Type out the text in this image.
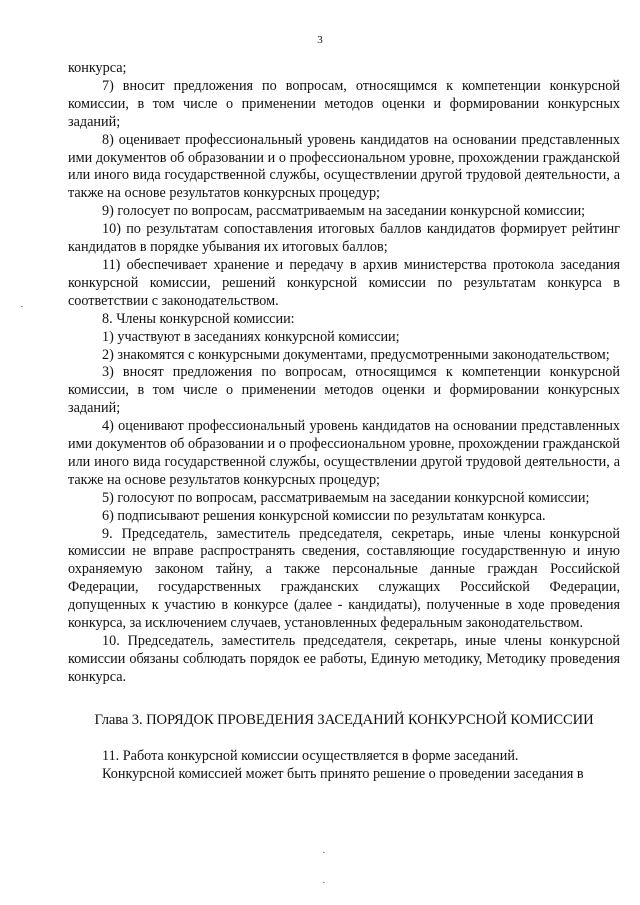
3

конкурса;

7) вносит предложения по вопросам, относящимся к компетенции конкурсной комиссии, в том числе о применении методов оценки и формировании конкурсных заданий;

8) оценивает профессиональный уровень кандидатов на основании представленных ими документов об образовании и о профессиональном уровне, прохождении гражданской или иного вида государственной службы, осуществлении другой трудовой деятельности, а также на основе результатов конкурсных процедур;

9) голосует по вопросам, рассматриваемым на заседании конкурсной комиссии;

10) по результатам сопоставления итоговых баллов кандидатов формирует рейтинг кандидатов в порядке убывания их итоговых баллов;

11) обеспечивает хранение и передачу в архив министерства протокола заседания конкурсной комиссии, решений конкурсной комиссии по результатам конкурса в соответствии с законодательством.

8. Члены конкурсной комиссии:

1) участвуют в заседаниях конкурсной комиссии;

2) знакомятся с конкурсными документами, предусмотренными законодательством;

3) вносят предложения по вопросам, относящимся к компетенции конкурсной комиссии, в том числе о применении методов оценки и формировании конкурсных заданий;

4) оценивают профессиональный уровень кандидатов на основании представленных ими документов об образовании и о профессиональном уровне, прохождении гражданской или иного вида государственной службы, осуществлении другой трудовой деятельности, а также на основе результатов конкурсных процедур;

5) голосуют по вопросам, рассматриваемым на заседании конкурсной комиссии;

6) подписывают решения конкурсной комиссии по результатам конкурса.

9. Председатель, заместитель председателя, секретарь, иные члены конкурсной комиссии не вправе распространять сведения, составляющие государственную и иную охраняемую законом тайну, а также персональные данные граждан Российской Федерации, государственных гражданских служащих Российской Федерации, допущенных к участию в конкурсе (далее - кандидаты), полученные в ходе проведения конкурса, за исключением случаев, установленных федеральным законодательством.

10. Председатель, заместитель председателя, секретарь, иные члены конкурсной комиссии обязаны соблюдать порядок ее работы, Единую методику, Методику проведения конкурса.

Глава 3. ПОРЯДОК ПРОВЕДЕНИЯ ЗАСЕДАНИЙ КОНКУРСНОЙ КОМИССИИ

11. Работа конкурсной комиссии осуществляется в форме заседаний.

Конкурсной комиссией может быть принято решение о проведении заседания в

·
·
·
